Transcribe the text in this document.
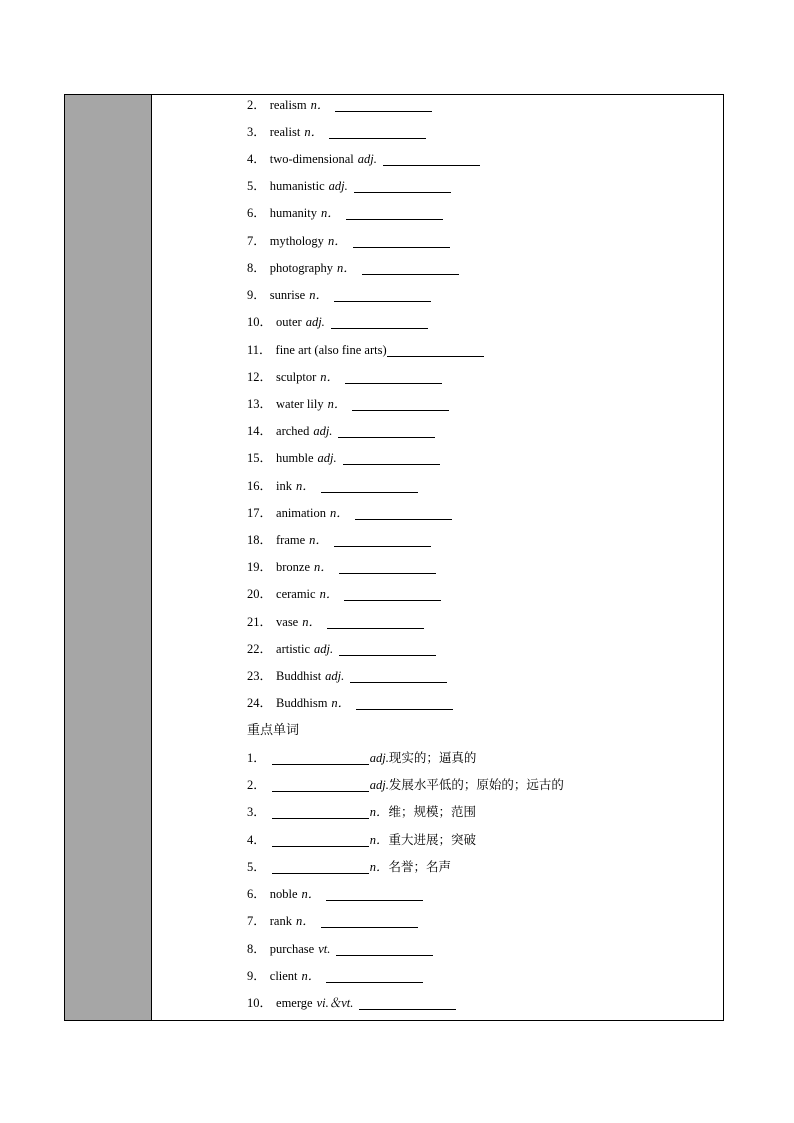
2． realism n．
3． realist n．
4． two-dimensional adj.
5． humanistic adj.
6． humanity n．
7． mythology n．
8． photography n．
9． sunrise n．
10． outer adj.
11． fine art (also fine arts)
12． sculptor n．
13． water lily n．
14． arched adj.
15． humble adj.
16． ink n．
17． animation n．
18． frame n．
19． bronze n．
20． ceramic n．
21． vase n．
22． artistic adj.
23． Buddhist adj.
24． Buddhism n．
重点单词
1．	adj. 现实的；逼真的
2．	adj. 发展水平低的；原始的；远古的
3．	n． 维；规模；范围
4．	n． 重大进展；突破
5．	n． 名誉；名声
6． noble n．
7． rank n．
8． purchase vt.
9． client n．
10． emerge vi.＆vt.
